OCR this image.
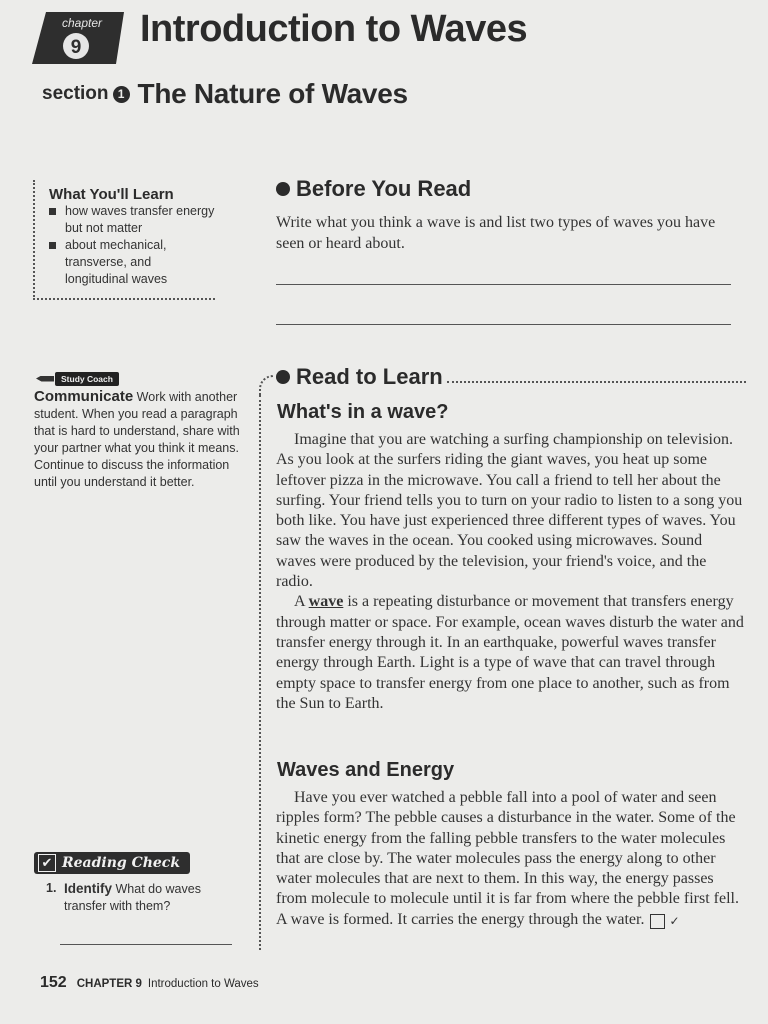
chapter
9 Introduction to Waves
section 1 The Nature of Waves
What You'll Learn
how waves transfer energy but not matter
about mechanical, transverse, and longitudinal waves
Study Coach
Communicate Work with another student. When you read a paragraph that is hard to understand, share with your partner what you think it means. Continue to discuss the information until you understand it better.
✔ Reading Check
1. Identify What do waves transfer with them?
Before You Read
Write what you think a wave is and list two types of waves you have seen or heard about.
Read to Learn
What's in a wave?

Imagine that you are watching a surfing championship on television. As you look at the surfers riding the giant waves, you heat up some leftover pizza in the microwave. You call a friend to tell her about the surfing. Your friend tells you to turn on your radio to listen to a song you both like. You have just experienced three different types of waves. You saw the waves in the ocean. You cooked using microwaves. Sound waves were produced by the television, your friend's voice, and the radio.

A wave is a repeating disturbance or movement that transfers energy through matter or space. For example, ocean waves disturb the water and transfer energy through it. In an earthquake, powerful waves transfer energy through Earth. Light is a type of wave that can travel through empty space to transfer energy from one place to another, such as from the Sun to Earth.

Waves and Energy

Have you ever watched a pebble fall into a pool of water and seen ripples form? The pebble causes a disturbance in the water. Some of the kinetic energy from the falling pebble transfers to the water molecules that are close by. The water molecules pass the energy along to other water molecules that are next to them. In this way, the energy passes from molecule to molecule until it is far from where the pebble first fell. A wave is formed. It carries the energy through the water. ✓

152 CHAPTER 9 Introduction to Waves
